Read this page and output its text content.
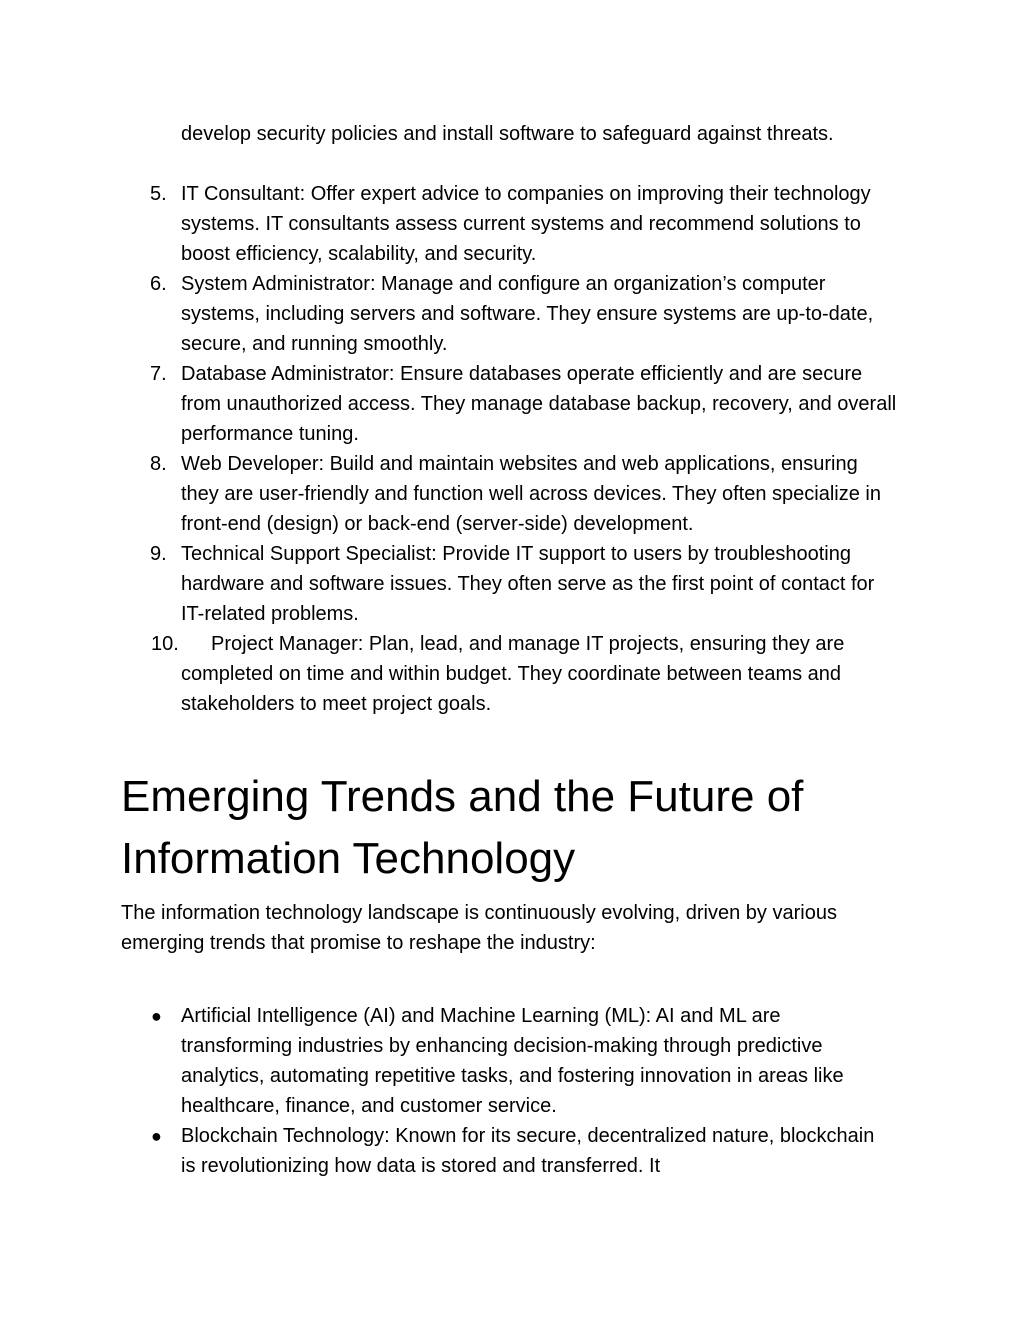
develop security policies and install software to safeguard against threats.

5. IT Consultant: Offer expert advice to companies on improving their technology systems. IT consultants assess current systems and recommend solutions to boost efficiency, scalability, and security.
6. System Administrator: Manage and configure an organization’s computer systems, including servers and software. They ensure systems are up-to-date, secure, and running smoothly.
7. Database Administrator: Ensure databases operate efficiently and are secure from unauthorized access. They manage database backup, recovery, and overall performance tuning.
8. Web Developer: Build and maintain websites and web applications, ensuring they are user-friendly and function well across devices. They often specialize in front-end (design) or back-end (server-side) development.
9. Technical Support Specialist: Provide IT support to users by troubleshooting hardware and software issues. They often serve as the first point of contact for IT-related problems.
10. Project Manager: Plan, lead, and manage IT projects, ensuring they are completed on time and within budget. They coordinate between teams and stakeholders to meet project goals.
Emerging Trends and the Future of Information Technology

The information technology landscape is continuously evolving, driven by various emerging trends that promise to reshape the industry:

● Artificial Intelligence (AI) and Machine Learning (ML): AI and ML are transforming industries by enhancing decision-making through predictive analytics, automating repetitive tasks, and fostering innovation in areas like healthcare, finance, and customer service.
● Blockchain Technology: Known for its secure, decentralized nature, blockchain is revolutionizing how data is stored and transferred. It
